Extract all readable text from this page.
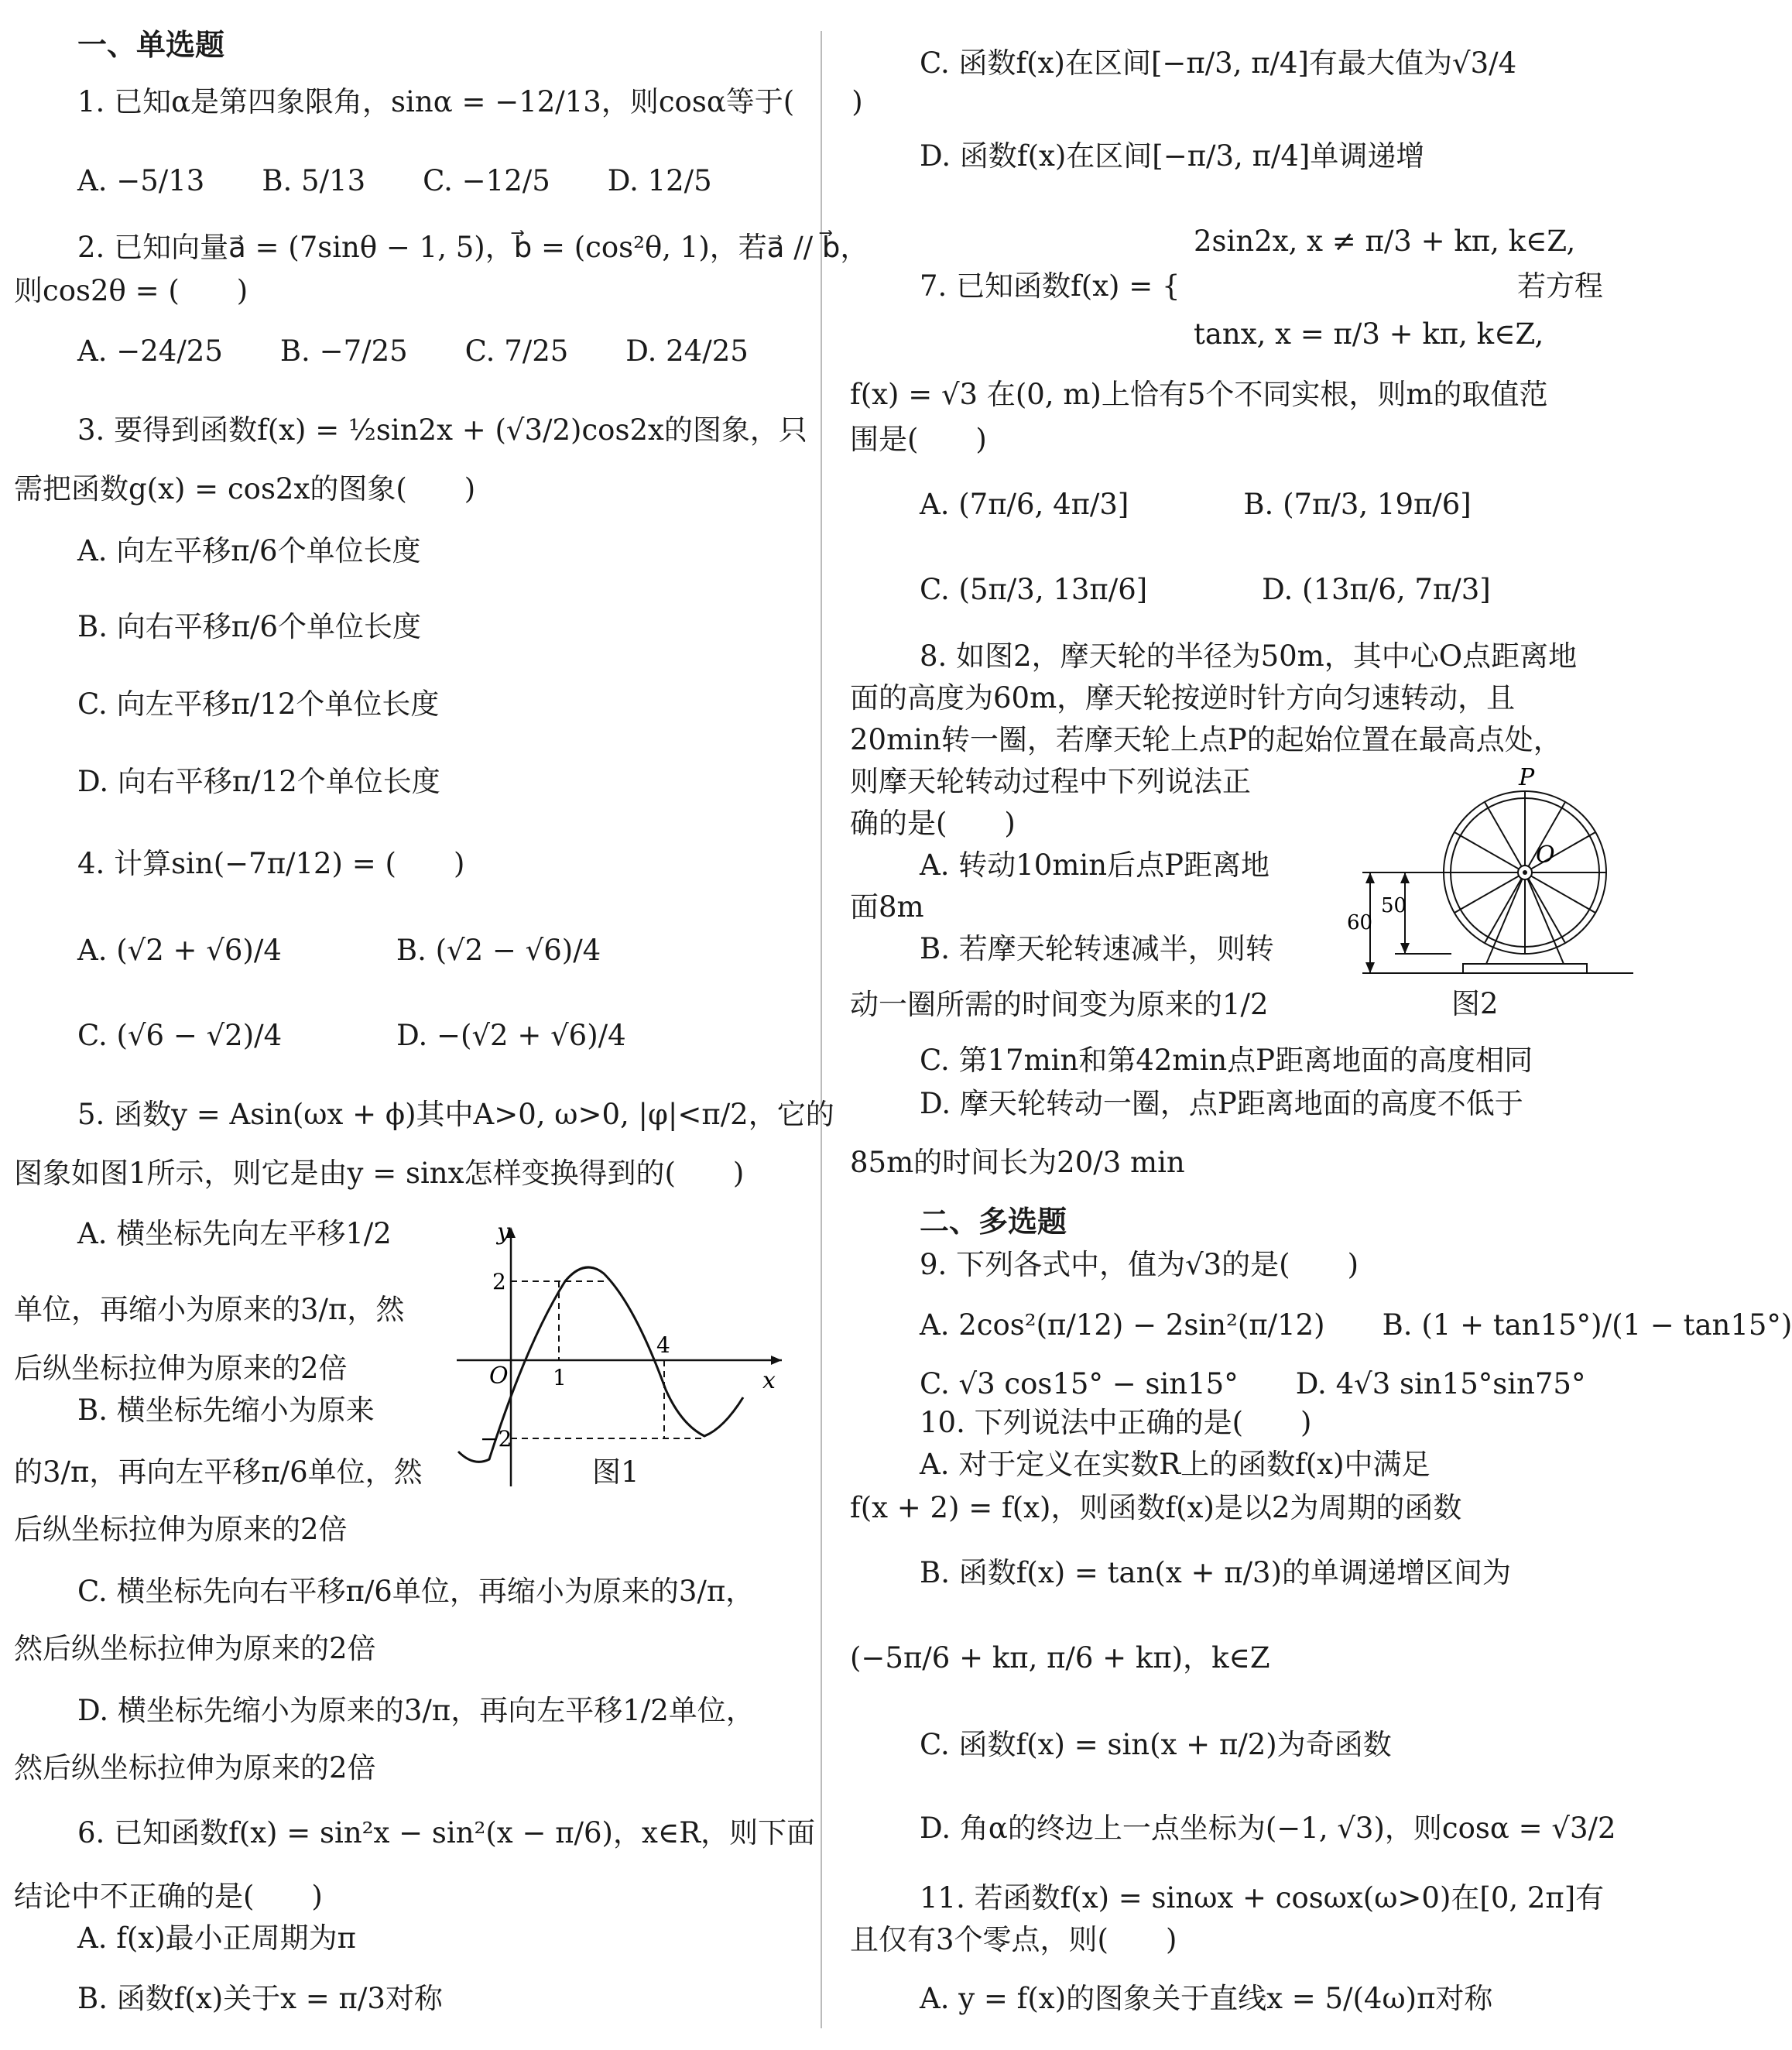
一、单选题
1. 已知α是第四象限角，sinα = −12/13，则cosα等于(　　)
A. −5/13　　B. 5/13　　C. −12/5　　D. 12/5
2. 已知向量a⃗ = (7sinθ − 1, 5)，b⃗ = (cos²θ, 1)，若a⃗ // b⃗，
则cos2θ = (　　)
A. −24/25　　B. −7/25　　C. 7/25　　D. 24/25
3. 要得到函数f(x) = ½sin2x + (√3/2)cos2x的图象，只
需把函数g(x) = cos2x的图象(　　)
A. 向左平移π/6个单位长度
B. 向右平移π/6个单位长度
C. 向左平移π/12个单位长度
D. 向右平移π/12个单位长度
4. 计算sin(−7π/12) = (　　)
A. (√2 + √6)/4　　　　B. (√2 − √6)/4
C. (√6 − √2)/4　　　　D. −(√2 + √6)/4
5. 函数y = Asin(ωx + ϕ)其中A>0, ω>0, |φ|<π/2，它的
图象如图1所示，则它是由y = sinx怎样变换得到的(　　)
A. 横坐标先向左平移1/2
单位，再缩小为原来的3/π，然
后纵坐标拉伸为原来的2倍
B. 横坐标先缩小为原来
的3/π，再向左平移π/6单位，然
后纵坐标拉伸为原来的2倍
C. 横坐标先向右平移π/6单位，再缩小为原来的3/π，
然后纵坐标拉伸为原来的2倍
D. 横坐标先缩小为原来的3/π，再向左平移1/2单位，
然后纵坐标拉伸为原来的2倍
6. 已知函数f(x) = sin²x − sin²(x − π/6)，x∈R，则下面
结论中不正确的是(　　)
A. f(x)最小正周期为π
B. 函数f(x)关于x = π/3对称
y
x
O
2
−2
1
4
图1
C. 函数f(x)在区间[−π/3, π/4]有最大值为√3/4
D. 函数f(x)在区间[−π/3, π/4]单调递增
2sin2x, x ≠ π/3 + kπ, k∈Z,
7. 已知函数f(x) = {	若方程
tanx, x = π/3 + kπ, k∈Z,
f(x) = √3 在(0, m)上恰有5个不同实根，则m的取值范
围是(　　)
A. (7π/6, 4π/3]　　　　B. (7π/3, 19π/6]
C. (5π/3, 13π/6]　　　　D. (13π/6, 7π/3]
8. 如图2，摩天轮的半径为50m，其中心O点距离地
面的高度为60m，摩天轮按逆时针方向匀速转动，且
20min转一圈，若摩天轮上点P的起始位置在最高点处，
则摩天轮转动过程中下列说法正
确的是(　　)
A. 转动10min后点P距离地
面8m
B. 若摩天轮转速减半，则转
动一圈所需的时间变为原来的1/2
C. 第17min和第42min点P距离地面的高度相同
D. 摩天轮转动一圈，点P距离地面的高度不低于
85m的时间长为20/3 min
二、多选题
9. 下列各式中，值为√3的是(　　)
A. 2cos²(π/12) − 2sin²(π/12)　　B. (1 + tan15°)/(1 − tan15°)
C. √3 cos15° − sin15°　　D. 4√3 sin15°sin75°
10. 下列说法中正确的是(　　)
A. 对于定义在实数R上的函数f(x)中满足
f(x + 2) = f(x)，则函数f(x)是以2为周期的函数
B. 函数f(x) = tan(x + π/3)的单调递增区间为
(−5π/6 + kπ, π/6 + kπ)，k∈Z
C. 函数f(x) = sin(x + π/2)为奇函数
D. 角α的终边上一点坐标为(−1, √3)，则cosα = √3/2
11. 若函数f(x) = sinωx + cosωx(ω>0)在[0, 2π]有
且仅有3个零点，则(　　)
A. y = f(x)的图象关于直线x = 5/(4ω)π对称
P
O
60
50
图2
